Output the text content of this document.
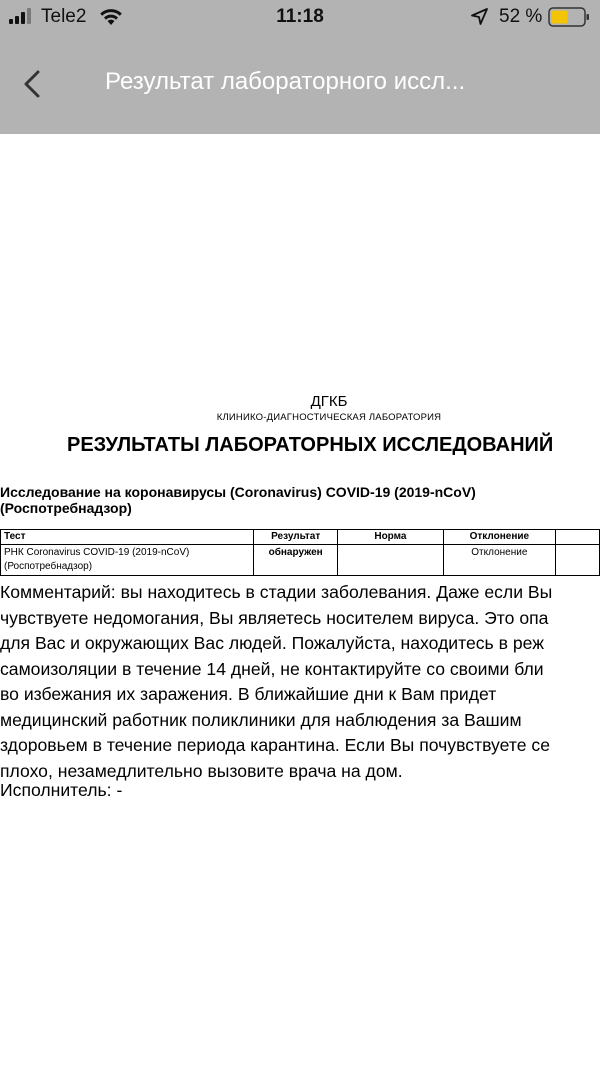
Tele2	11:18	52 %
Результат лабораторного иссл...
ДГКБ
КЛИНИКО-ДИАГНОСТИЧЕСКАЯ ЛАБОРАТОРИЯ
РЕЗУЛЬТАТЫ ЛАБОРАТОРНЫХ ИССЛЕДОВАНИЙ
Исследование на коронавирусы (Coronavirus) COVID-19 (2019-nCoV)
(Роспотребнадзор)
Тест	Результат	Норма	Отклонение	

РНК Coronavirus COVID-19 (2019-nCoV)
(Роспотребнадзор)	обнаружен		Отклонение	

Комментарий: вы находитесь в стадии заболевания. Даже если Вы

чувствуете недомогания, Вы являетесь носителем вируса. Это опа

для Вас и окружающих Вас людей. Пожалуйста, находитесь в реж

самоизоляции в течение 14 дней, не контактируйте со своими бли

во избежания их заражения. В ближайшие дни к Вам придет

медицинский работник поликлиники для наблюдения за Вашим

здоровьем в течение периода карантина. Если Вы почувствуете се

плохо, незамедлительно вызовите врача на дом.

Исполнитель: -
